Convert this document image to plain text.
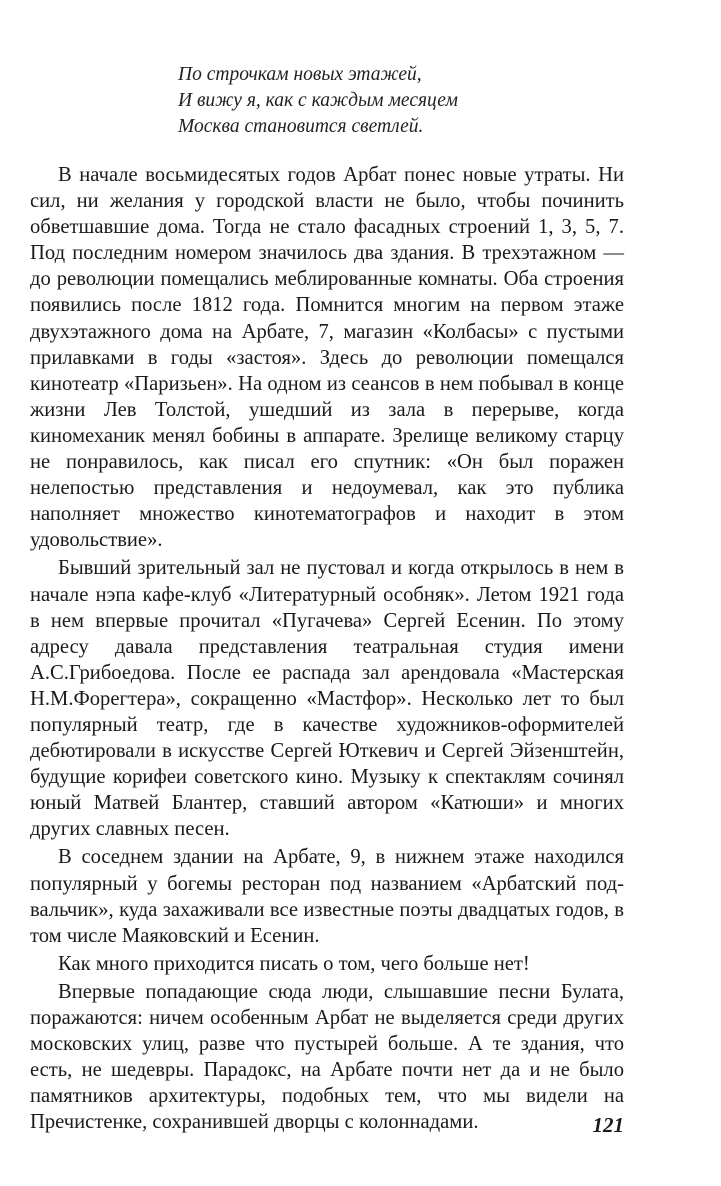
По строчкам новых этажей,
И вижу я, как с каждым месяцем
Москва становится светлей.

В начале восьмидесятых годов Арбат понес новые утраты. Ни сил, ни желания у городской власти не было, чтобы починить обветшавшие дома. Тогда не стало фасадных строений 1, 3, 5, 7. Под последним номером значилось два здания. В трехэтажном — до революции помещались меблированные комнаты. Оба строения появились после 1812 года. Помнится многим на первом этаже двухэтажного дома на Арбате, 7, магазин «Колбасы» с пустыми прилавками в годы «застоя». Здесь до революции помещался кинотеатр «Паризьен». На одном из сеансов в нем побывал в конце жизни Лев Толстой, ушедший из зала в перерыве, когда киномеханик менял бобины в аппарате. Зрелище великому старцу не понравилось, как писал его спутник: «Он был поражен нелепостью представления и недоумевал, как это публика наполняет множество кинотематографов и находит в этом удовольствие».

Бывший зрительный зал не пустовал и когда открылось в нем в начале нэпа кафе-клуб «Литературный особняк». Летом 1921 года в нем впервые прочитал «Пугачева» Сергей Есенин. По этому адресу давала представления театральная студия имени А.С.Грибоедова. После ее распада зал арендовала «Мастерская Н.М.Форегтера», сокращенно «Мастфор». Несколько лет то был популярный театр, где в качестве художников-оформителей дебютировали в искусстве Сергей Юткевич и Сергей Эйзенштейн, будущие корифеи советского кино. Музыку к спектаклям сочинял юный Матвей Блантер, ставший автором «Катюши» и многих других славных песен.

В соседнем здании на Арбате, 9, в нижнем этаже находился популярный у богемы ресторан под названием «Арбатский подвальчик», куда захаживали все известные поэты двадцатых годов, в том числе Маяковский и Есенин.

Как много приходится писать о том, чего больше нет!

Впервые попадающие сюда люди, слышавшие песни Булата, поражаются: ничем особенным Арбат не выделяется среди других московских улиц, разве что пустырей больше. А те здания, что есть, не шедевры. Парадокс, на Арбате почти нет да и не было памятников архитектуры, подобных тем, что мы видели на Пречистенке, сохранившей дворцы с колоннадами.	121
